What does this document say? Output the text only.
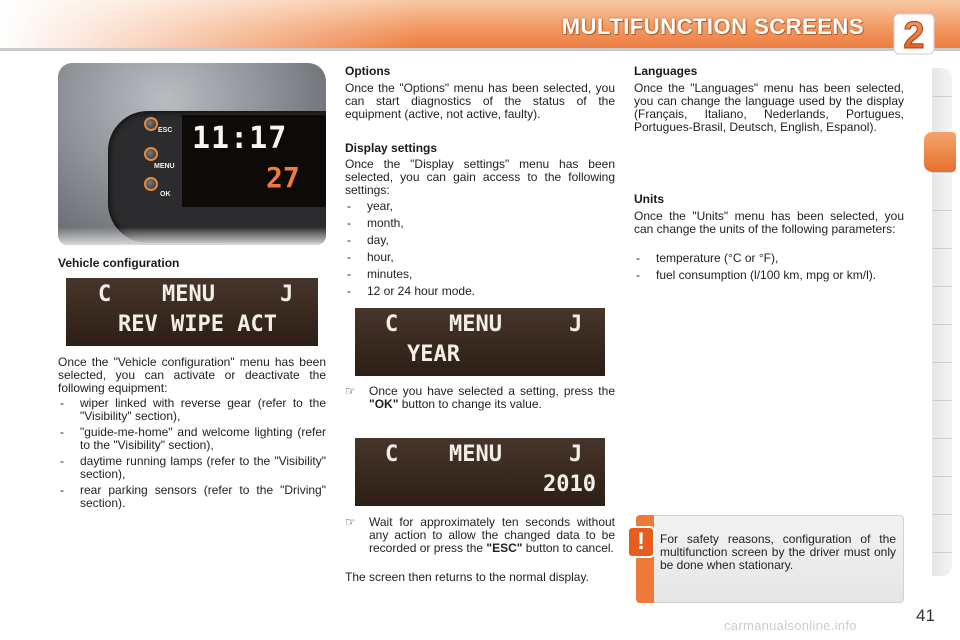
MULTIFUNCTION SCREENS 2
11:17
27
ESC
MENU
OK
Vehicle configuration
C MENU	J
REV WIPE ACT
Once the "Vehicle configuration" menu has been selected, you can activate or deactivate the following equipment:
- wiper linked with reverse gear (refer to the "Visibility" section),
- "guide-me-home" and welcome lighting (refer to the "Visibility" section),
- daytime running lamps (refer to the "Visibility" section),
- rear parking sensors (refer to the "Driving" section).
Options
Once the "Options" menu has been selected, you can start diagnostics of the status of the equipment (active, not active, faulty).
Display settings
Once the "Display settings" menu has been selected, you can gain access to the following settings:
- year,
- month,
- day,
- hour,
- minutes,
- 12 or 24 hour mode.
C MENU	J
YEAR
☞ Once you have selected a setting, press the "OK" button to change its value.
C MENU	J
2010
☞ Wait for approximately ten seconds without any action to allow the changed data to be recorded or press the "ESC" button to cancel.
The screen then returns to the normal display.
Languages
Once the "Languages" menu has been selected, you can change the language used by the display (Français, Italiano, Nederlands, Portugues, Portugues-Brasil, Deutsch, English, Espanol).
Units
Once the "Units" menu has been selected, you can change the units of the following parameters:
- temperature (°C or °F),
- fuel consumption (l/100 km, mpg or km/l).
!	For safety reasons, configuration of the multifunction screen by the driver must only be done when stationary.
41
carmanualsonline.info
